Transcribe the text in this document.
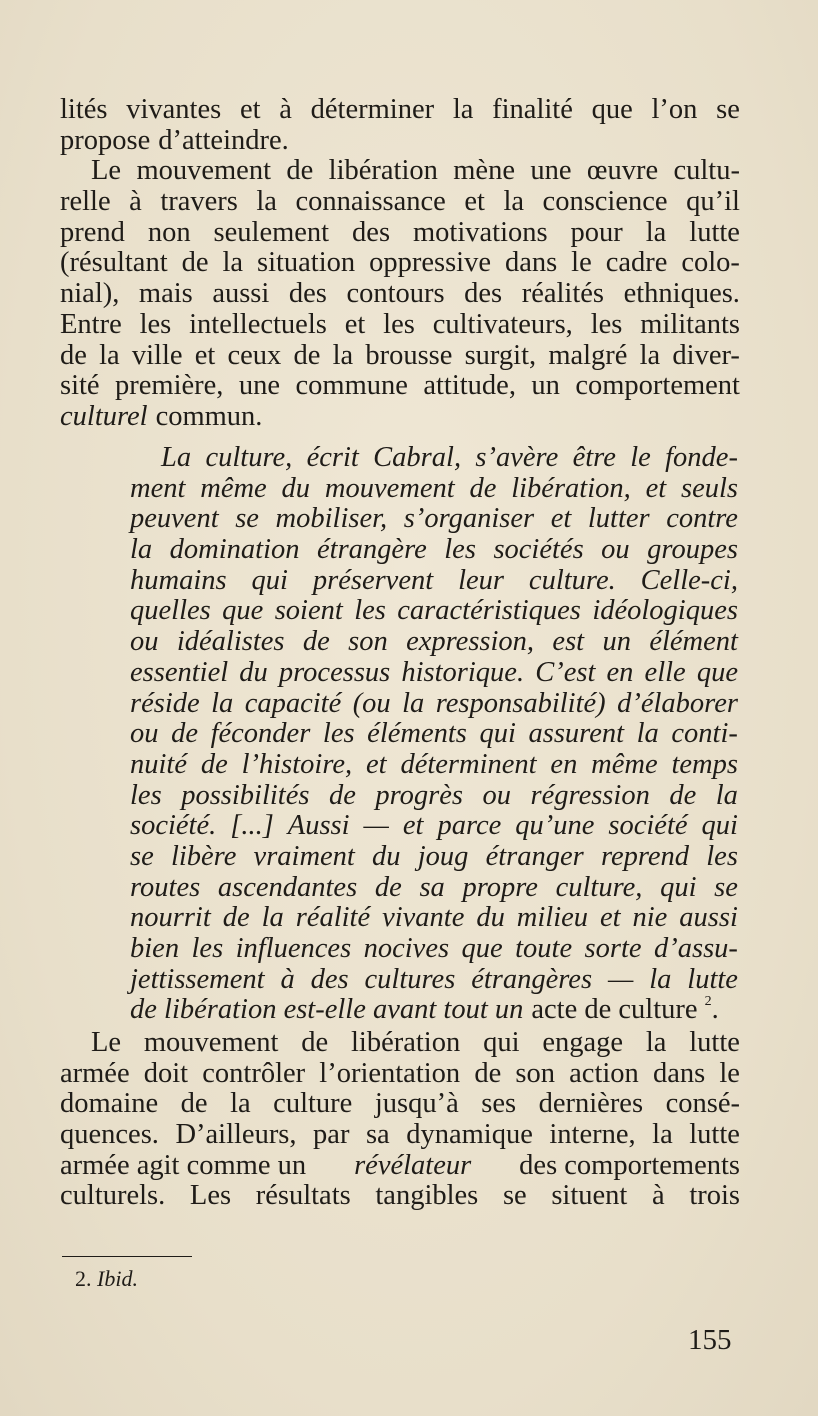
lités vivantes et à déterminer la finalité que l’on se
propose d’atteindre.
Le mouvement de libération mène une œuvre cultu-
relle à travers la connaissance et la conscience qu’il
prend non seulement des motivations pour la lutte
(résultant de la situation oppressive dans le cadre colo-
nial), mais aussi des contours des réalités ethniques.
Entre les intellectuels et les cultivateurs, les militants
de la ville et ceux de la brousse surgit, malgré la diver-
sité première, une commune attitude, un comportement
culturel commun.
La culture, écrit Cabral, s’avère être le fonde-
ment même du mouvement de libération, et seuls
peuvent se mobiliser, s’organiser et lutter contre
la domination étrangère les sociétés ou groupes
humains qui préservent leur culture. Celle-ci,
quelles que soient les caractéristiques idéologiques
ou idéalistes de son expression, est un élément
essentiel du processus historique. C’est en elle que
réside la capacité (ou la responsabilité) d’élaborer
ou de féconder les éléments qui assurent la conti-
nuité de l’histoire, et déterminent en même temps
les possibilités de progrès ou régression de la
société. [...] Aussi — et parce qu’une société qui
se libère vraiment du joug étranger reprend les
routes ascendantes de sa propre culture, qui se
nourrit de la réalité vivante du milieu et nie aussi
bien les influences nocives que toute sorte d’assu-
jettissement à des cultures étrangères — la lutte
de libération est-elle avant tout un acte de culture $^2$.
Le mouvement de libération qui engage la lutte
armée doit contrôler l’orientation de son action dans le
domaine de la culture jusqu’à ses dernières consé-
quences. D’ailleurs, par sa dynamique interne, la lutte
armée agit comme un révélateur des comportements
culturels. Les résultats tangibles se situent à trois
2. Ibid.
155
